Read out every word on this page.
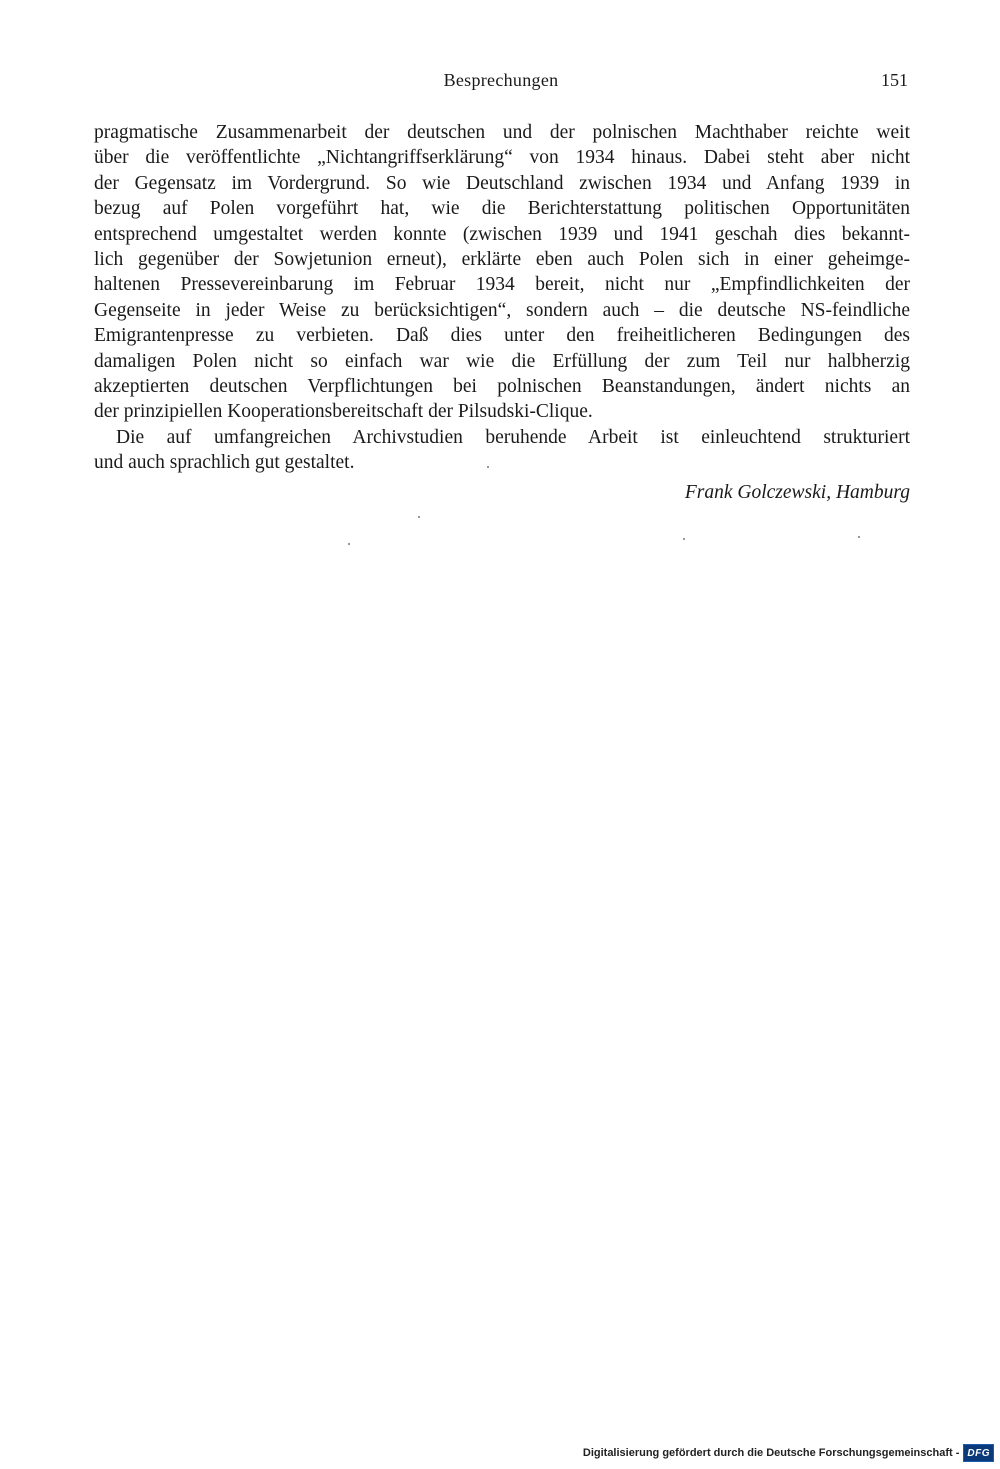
Besprechungen	151
pragmatische Zusammenarbeit der deutschen und der polnischen Machthaber reichte weit
über die veröffentlichte „Nichtangriffserklärung“ von 1934 hinaus. Dabei steht aber nicht
der Gegensatz im Vordergrund. So wie Deutschland zwischen 1934 und Anfang 1939 in
bezug auf Polen vorgeführt hat, wie die Berichterstattung politischen Opportunitäten
entsprechend umgestaltet werden konnte (zwischen 1939 und 1941 geschah dies bekannt-
lich gegenüber der Sowjetunion erneut), erklärte eben auch Polen sich in einer geheimge-
haltenen Pressevereinbarung im Februar 1934 bereit, nicht nur „Empfindlichkeiten der
Gegenseite in jeder Weise zu berücksichtigen“, sondern auch – die deutsche NS-feindliche
Emigrantenpresse zu verbieten. Daß dies unter den freiheitlicheren Bedingungen des
damaligen Polen nicht so einfach war wie die Erfüllung der zum Teil nur halbherzig
akzeptierten deutschen Verpflichtungen bei polnischen Beanstandungen, ändert nichts an
der prinzipiellen Kooperationsbereitschaft der Pilsudski-Clique.
Die auf umfangreichen Archivstudien beruhende Arbeit ist einleuchtend strukturiert
und auch sprachlich gut gestaltet.
Frank Golczewski, Hamburg
Digitalisierung gefördert durch die Deutsche Forschungsgemeinschaft - DFG
